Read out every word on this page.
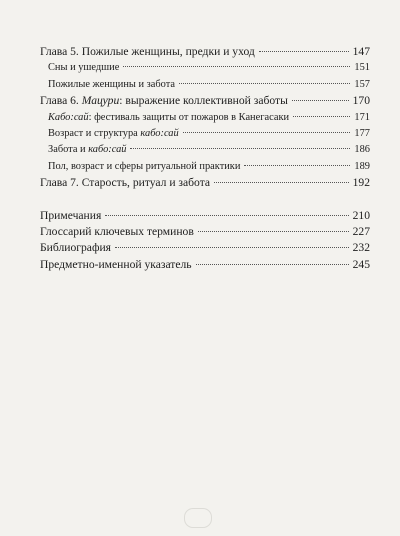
Глава 5. Пожилые женщины, предки и уход	147
Сны и ушедшие	151
Пожилые женщины и забота	157
Глава 6. Мацури: выражение коллективной заботы	170
Кабо:сай: фестиваль защиты от пожаров в Канегасаки	171
Возраст и структура кабо:сай	177
Забота и кабо:сай	186
Пол, возраст и сферы ритуальной практики	189
Глава 7. Старость, ритуал и забота	192
Примечания	210
Глоссарий ключевых терминов	227
Библиография	232
Предметно-именной указатель	245
